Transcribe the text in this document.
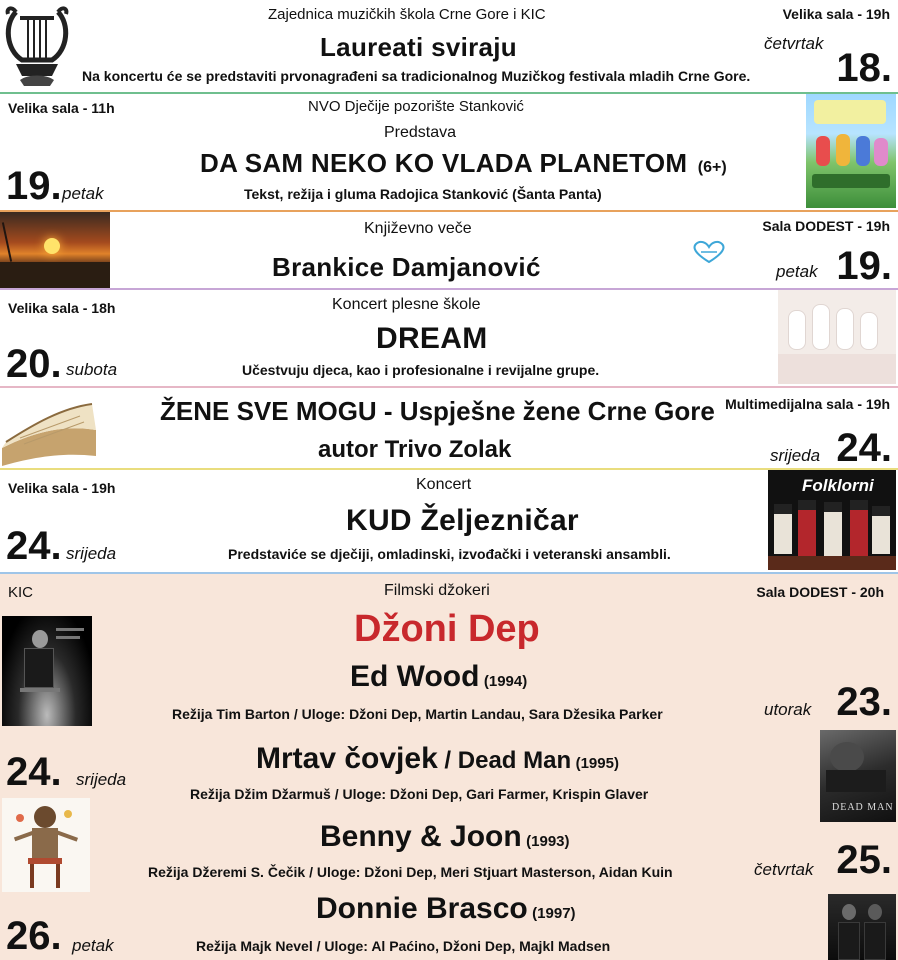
Zajednica muzičkih škola Crne Gore i KIC	Velika sala - 19h
Laureati sviraju	četvrtak
Na koncertu će se predstaviti prvonagrađeni sa tradicionalnog Muzičkog festivala mladih Crne Gore. 18.
Velika sala - 11h	NVO Dječije pozorište Stanković
Predstava
DA SAM NEKO KO VLADA PLANETOM (6+)
19. petak	Tekst, režija i gluma Radojica Stanković (Šanta Panta)
Književno veče	Sala DODEST - 19h
Brankice Damjanović	petak 19.
Velika sala - 18h	Koncert plesne škole
DREAM
20. subota	Učestvuju djeca, kao i profesionalne i revijalne grupe.
ŽENE SVE MOGU - Uspješne žene Crne Gore Multimedijalna sala - 19h
autor Trivo Zolak	srijeda 24.
Velika sala - 19h	Koncert
KUD Željezničar
24. srijeda	Predstaviće se dječiji, omladinski, izvođački i veteranski ansambli.
Folklorni
KIC	Filmski džokeri	Sala DODEST - 20h
Džoni Dep
Ed Wood (1994)
utorak 23.
Režija Tim Barton / Uloge: Džoni Dep, Martin Landau, Sara Džesika Parker
Mrtav čovjek / Dead Man (1995)
24. srijeda
Režija Džim Džarmuš / Uloge: Džoni Dep, Gari Farmer, Krispin Glaver
DEAD MAN
Benny & Joon (1993)
četvrtak 25.
Režija Džeremi S. Čečik / Uloge: Džoni Dep, Meri Stjuart Masterson, Aidan Kuin
Donnie Brasco (1997)
26. petak	Režija Majk Nevel / Uloge: Al Paćino, Džoni Dep, Majkl Madsen
